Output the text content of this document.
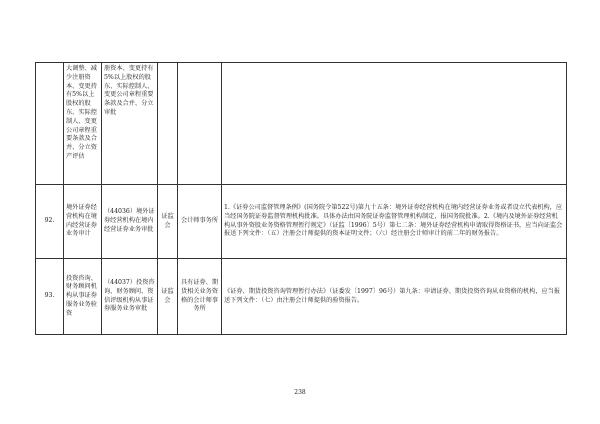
	大调整、减少注册资本、变更持有5%以上股权的股东、实际控制人、变更公司章程重要条款及合并、分立资产评估	册资本、变更持有5%以上股权的股东、实际控制人、变更公司章程重要条款及合并、分立审批			
92.	境外证券经营机构在境内经营证券业务审计	（44036）境外证券经营机构在境内经营证券业务审批	证监会	会计师事务所	1.《证券公司监督管理条例》(国务院令第522号)第九十五条：境外证券经营机构在境内经营证券业务或者设立代表机构，应当经国务院证券监督管理机构批准。具体办法由国务院证券监督管理机构制定，报国务院批准。2.《境内及境外证券经营机构从事外资股业务资格管理暂行规定》（证监〔1996〕5号）第七二条：境外证券经营机构申请取得资格证书，应当向证监会报送下列文件：（五）注册会计师提供的资本证明文件；（六）经注册会计师审计的前二年的财务报告。

93.	投资咨询、财务顾问机构从事证券服务业务验资	（44037）投资咨询、财务顾问、资信评级机构从事证券服务业务审批	证监会	具有证券、期货相关业务资格的会计师事务所	《证券、期货投资咨询管理暂行办法》（证委发〔1997〕96号）第九条：申请证券、期货投资咨询从业资格的机构，应当报送下列文件：（七）由注册会计师提供的验资报告。

238
